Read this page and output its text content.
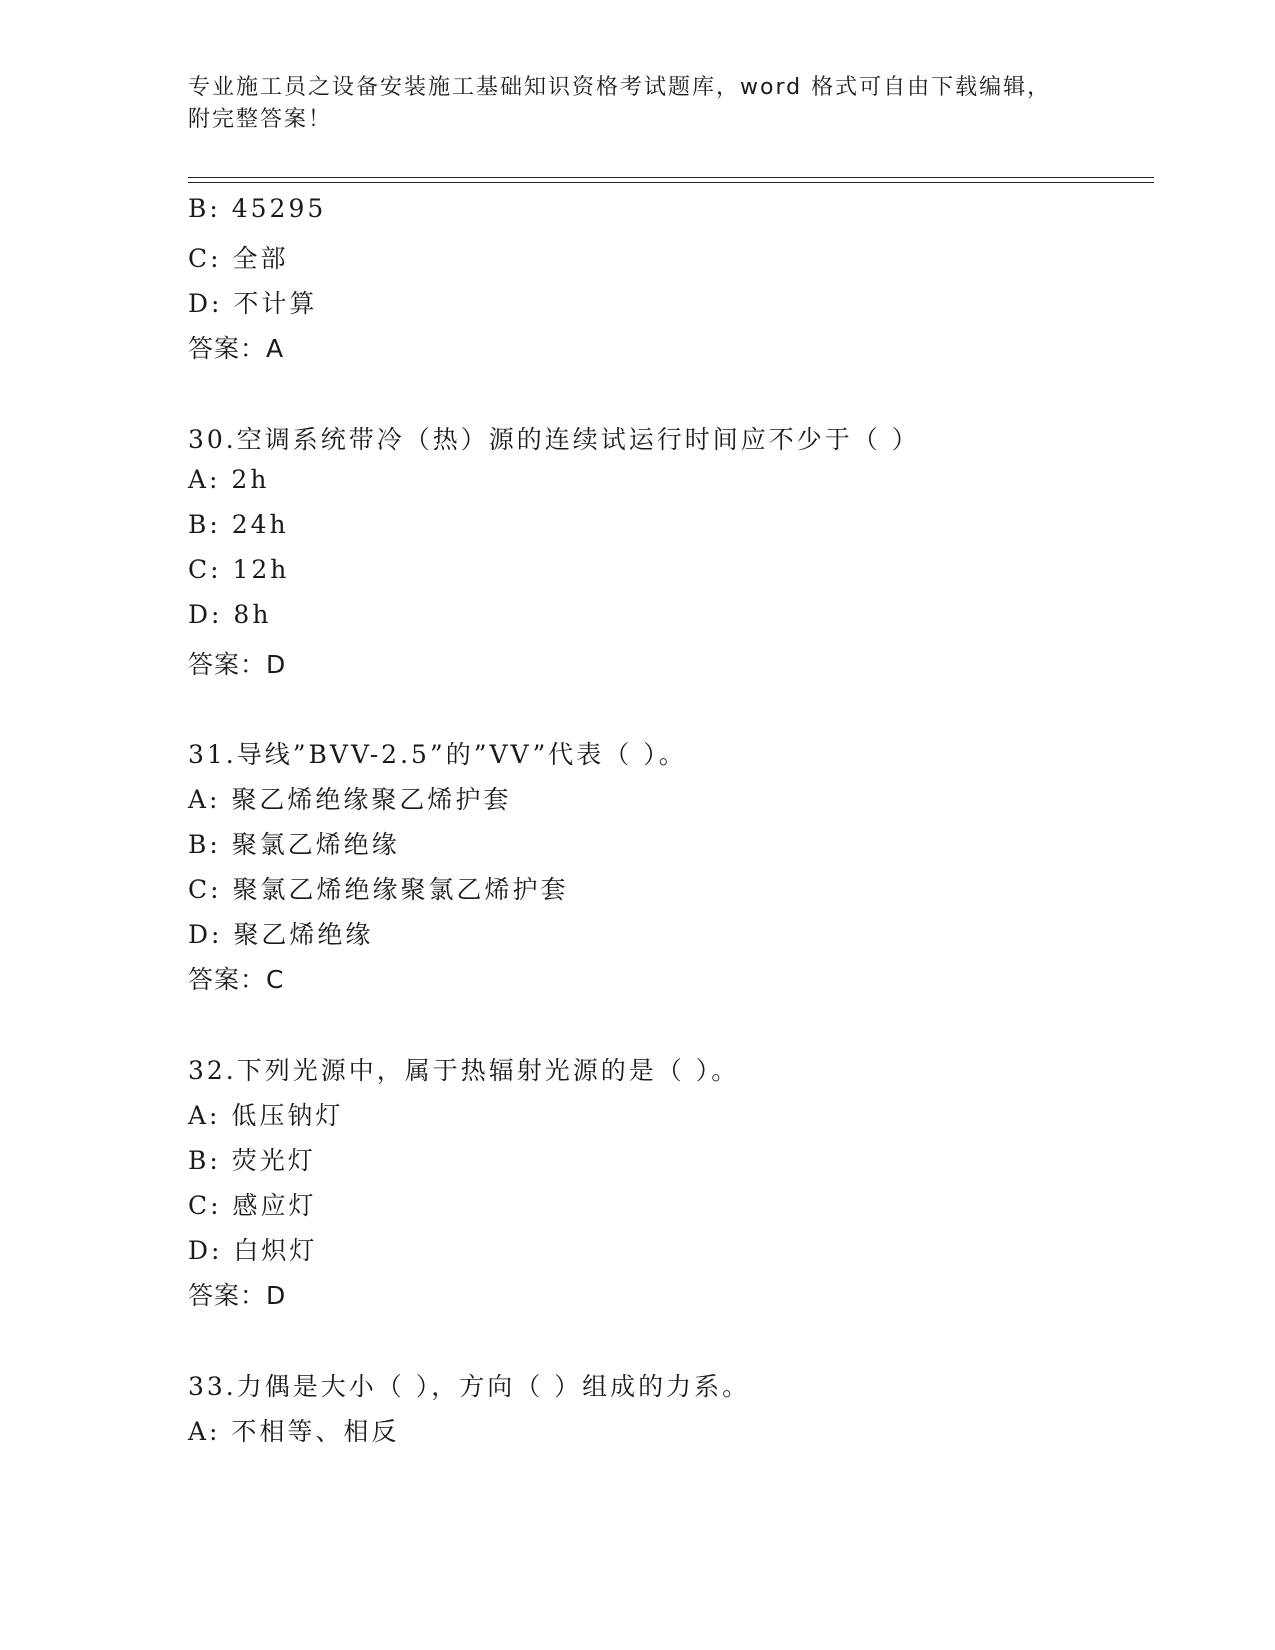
专业施工员之设备安装施工基础知识资格考试题库，word 格式可自由下载编辑，
附完整答案！
B: 45295
C: 全部
D: 不计算
答案：A
30.空调系统带冷（热）源的连续试运行时间应不少于（ ）
A: 2h
B: 24h
C: 12h
D: 8h
答案：D
31.导线”BVV-2.5”的”VV”代表（ ）。
A: 聚乙烯绝缘聚乙烯护套
B: 聚氯乙烯绝缘
C: 聚氯乙烯绝缘聚氯乙烯护套
D: 聚乙烯绝缘
答案：C
32.下列光源中，属于热辐射光源的是（ ）。
A: 低压钠灯
B: 荧光灯
C: 感应灯
D: 白炽灯
答案：D
33.力偶是大小（ ），方向（ ）组成的力系。
A: 不相等、相反
